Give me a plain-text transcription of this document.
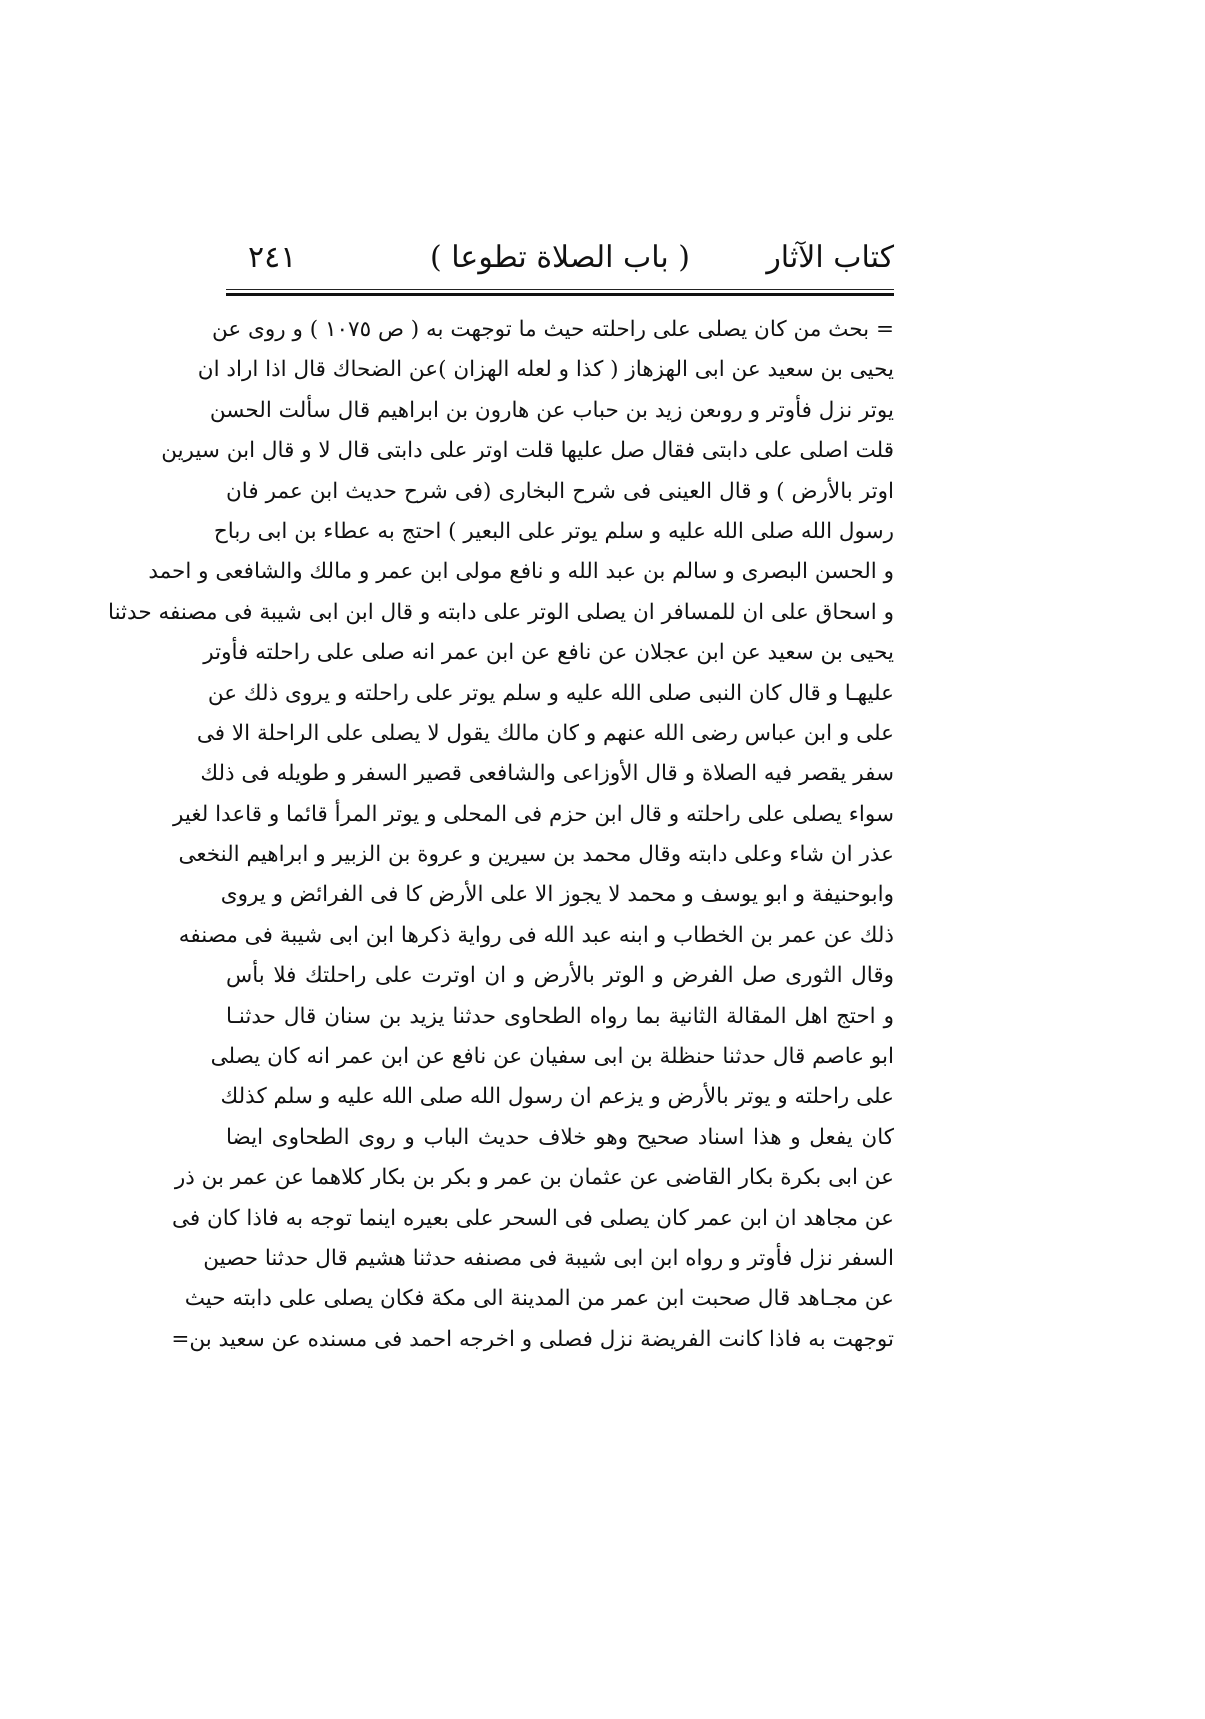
كتاب الآثار
( باب الصلاة تطوعا )
٢٤١
= بحث من كان يصلى على راحلته حيث ما توجهت به ( ص ١٠٧٥ ) و روى عن
يحيى بن سعيد عن ابى الهزهاز ( كذا و لعله الهزان )عن الضحاك قال اذا اراد ان
يوتر نزل فأوتر و روىعن زيد بن حباب عن هارون بن ابراهيم قال سألت الحسن
قلت اصلى على دابتى فقال صل عليها قلت اوتر على دابتى قال لا و قال ابن سيرين
اوتر بالأرض ) و قال العينى فى شرح البخارى (فى شرح حديث ابن عمر فان
رسول الله صلى الله عليه و سلم يوتر على البعير ) احتج به عطاء بن ابى رباح
و الحسن البصرى و سالم بن عبد الله و نافع مولى ابن عمر و مالك والشافعى و احمد
و اسحاق على ان للمسافر ان يصلى الوتر على دابته و قال ابن ابى شيبة فى مصنفه حدثنا
يحيى بن سعيد عن ابن عجلان عن نافع عن ابن عمر انه صلى على راحلته فأوتر
عليهـا و قال كان النبى صلى الله عليه و سلم يوتر على راحلته و يروى ذلك عن
على و ابن عباس رضى الله عنهم و كان مالك يقول لا يصلى على الراحلة الا فى
سفر يقصر فيه الصلاة و قال الأوزاعى والشافعى قصير السفر و طويله فى ذلك
سواء يصلى على راحلته و قال ابن حزم فى المحلى و يوتر المرأ قائما و قاعدا لغير
عذر ان شاء وعلى دابته وقال محمد بن سيرين و عروة بن الزبير و ابراهيم النخعى
وابوحنيفة و ابو يوسف و محمد لا يجوز الا على الأرض كا فى الفرائض و يروى
ذلك عن عمر بن الخطاب و ابنه عبد الله فى رواية ذكرها ابن ابى شيبة فى مصنفه
وقال الثورى صل الفرض و الوتر بالأرض و ان اوترت على راحلتك فلا بأس
و احتج اهل المقالة الثانية بما رواه الطحاوى حدثنا يزيد بن سنان قال حدثنـا
ابو عاصم قال حدثنا حنظلة بن ابى سفيان عن نافع عن ابن عمر انه كان يصلى
على راحلته و يوتر بالأرض و يزعم ان رسول الله صلى الله عليه و سلم كذلك
كان يفعل و هذا اسناد صحيح وهو خلاف حديث الباب و روى الطحاوى ايضا
عن ابى بكرة بكار القاضى عن عثمان بن عمر و بكر بن بكار كلاهما عن عمر بن ذر
عن مجاهد ان ابن عمر كان يصلى فى السحر على بعيره اينما توجه به فاذا كان فى
السفر نزل فأوتر و رواه ابن ابى شيبة فى مصنفه حدثنا هشيم قال حدثنا حصين
عن مجـاهد قال صحبت ابن عمر من المدينة الى مكة فكان يصلى على دابته حيث
توجهت به فاذا كانت الفريضة نزل فصلى و اخرجه احمد فى مسنده عن سعيد بن=
